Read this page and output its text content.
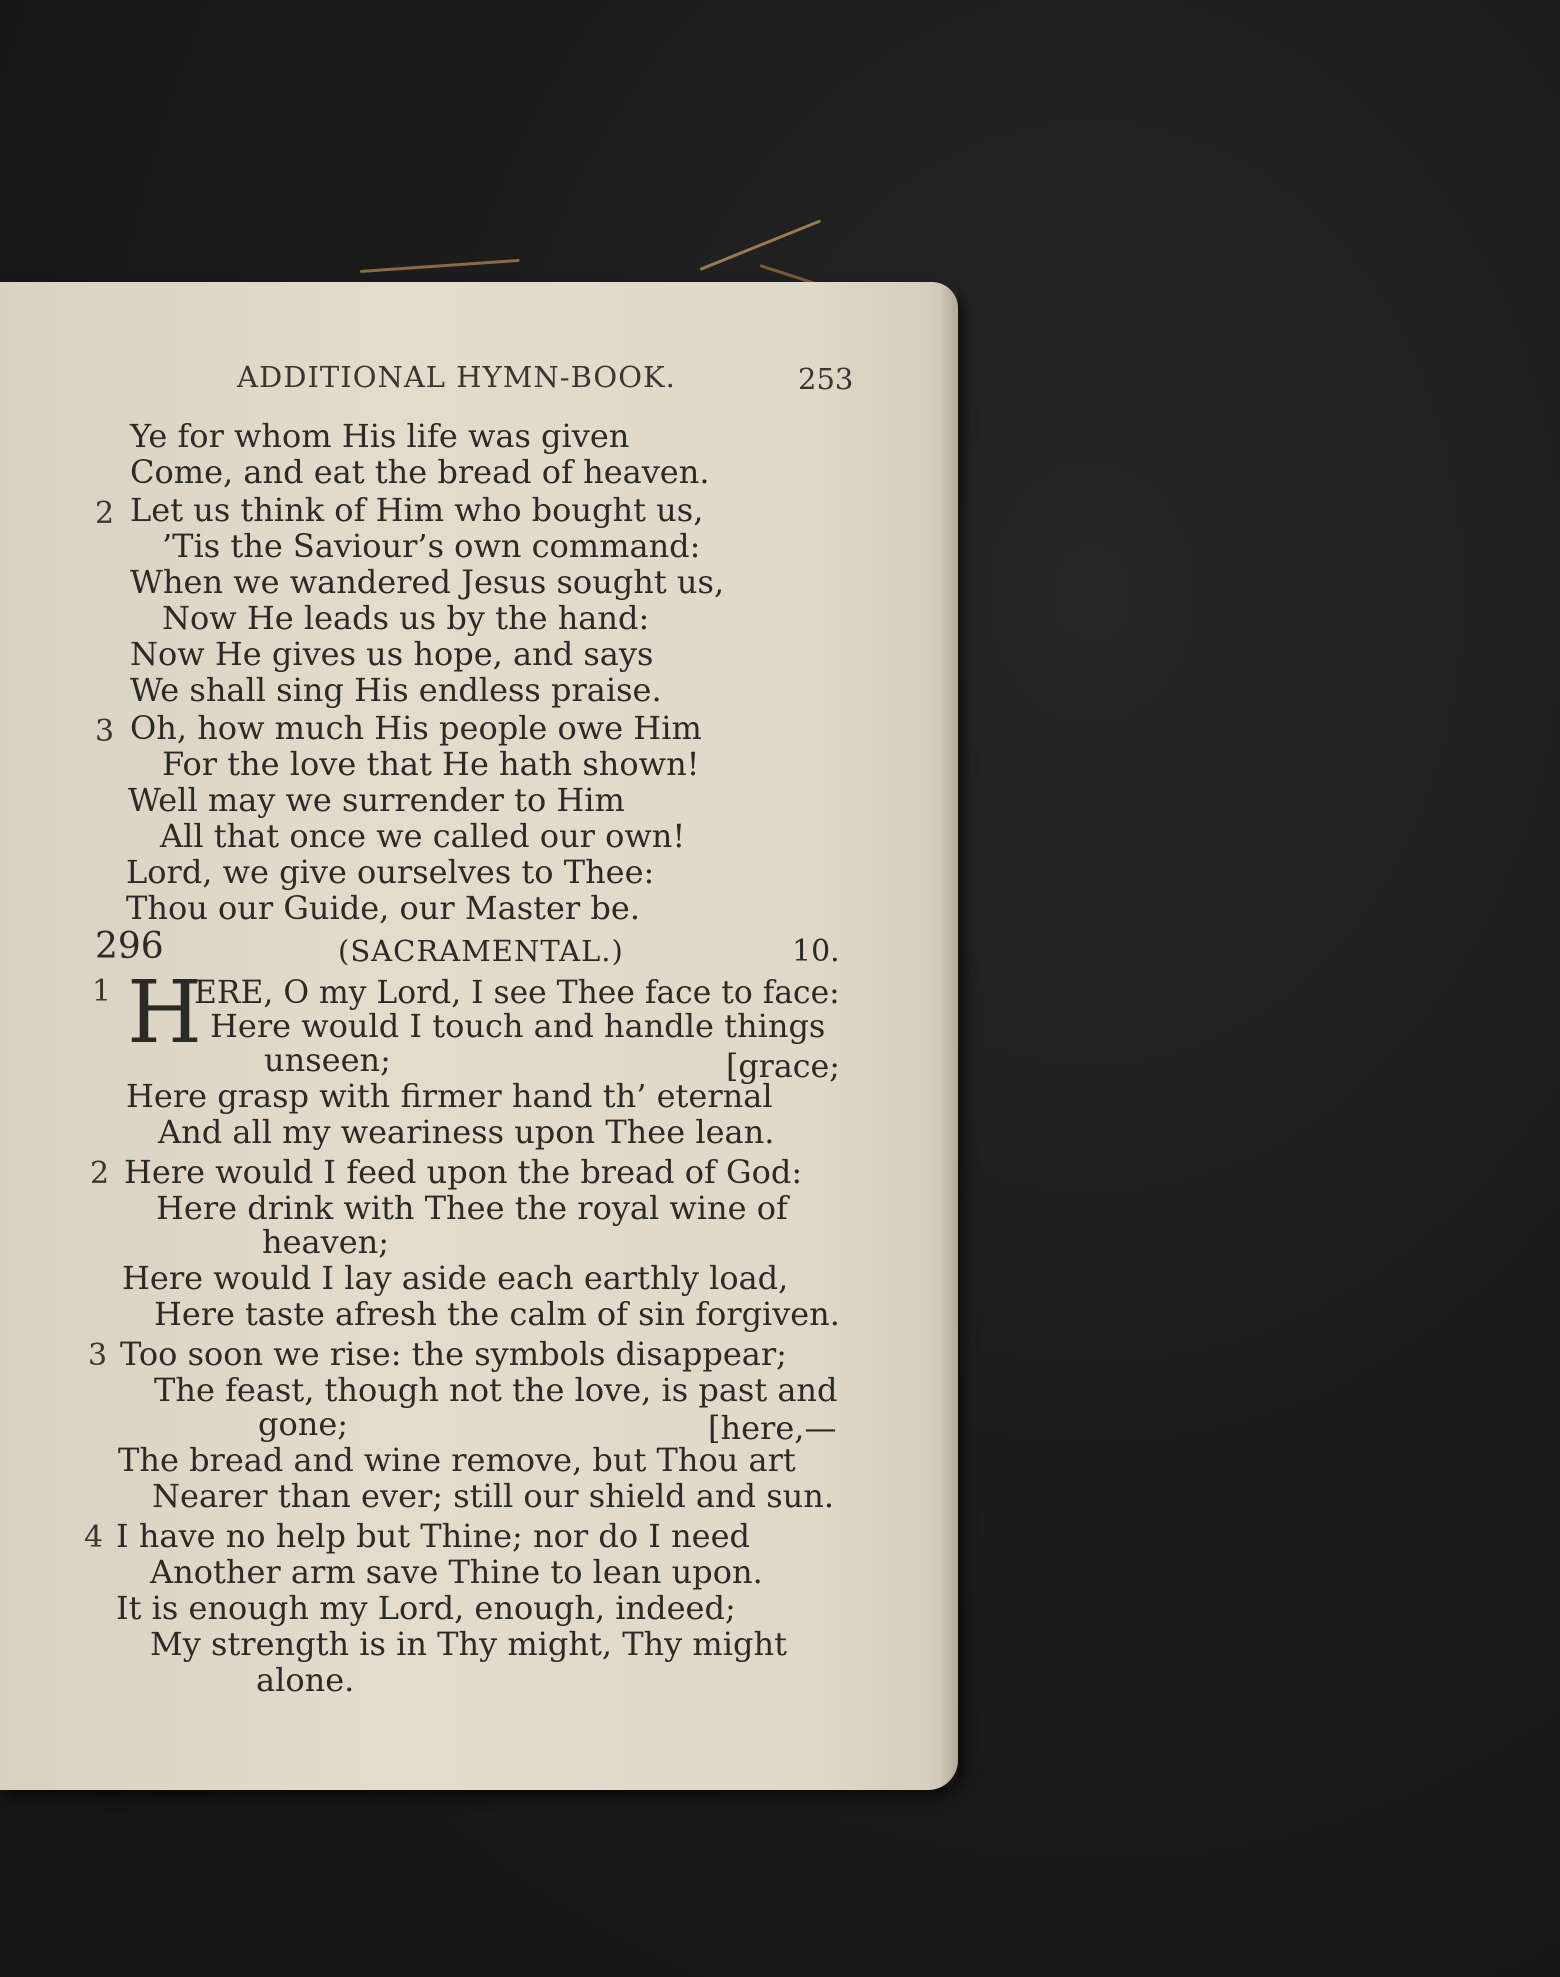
ADDITIONAL HYMN-BOOK.	253
Ye for whom His life was given
Come, and eat the bread of heaven.
2 Let us think of Him who bought us,
’Tis the Saviour’s own command:
When we wandered Jesus sought us,
Now He leads us by the hand:
Now He gives us hope, and says
We shall sing His endless praise.
3 Oh, how much His people owe Him
For the love that He hath shown!
Well may we surrender to Him
All that once we called our own!
Lord, we give ourselves to Thee:
Thou our Guide, our Master be.
296	(SACRAMENTAL.)	10.
1 H
ERE, O my Lord, I see Thee face to face:
Here would I touch and handle things
unseen;	[grace;
Here grasp with firmer hand th’ eternal
And all my weariness upon Thee lean.
2 Here would I feed upon the bread of God:
Here drink with Thee the royal wine of
heaven;
Here would I lay aside each earthly load,
Here taste afresh the calm of sin forgiven.
3 Too soon we rise: the symbols disappear;
The feast, though not the love, is past and
gone;	[here,—
The bread and wine remove, but Thou art
Nearer than ever; still our shield and sun.
4 I have no help but Thine; nor do I need
Another arm save Thine to lean upon.
It is enough my Lord, enough, indeed;
My strength is in Thy might, Thy might
alone.
